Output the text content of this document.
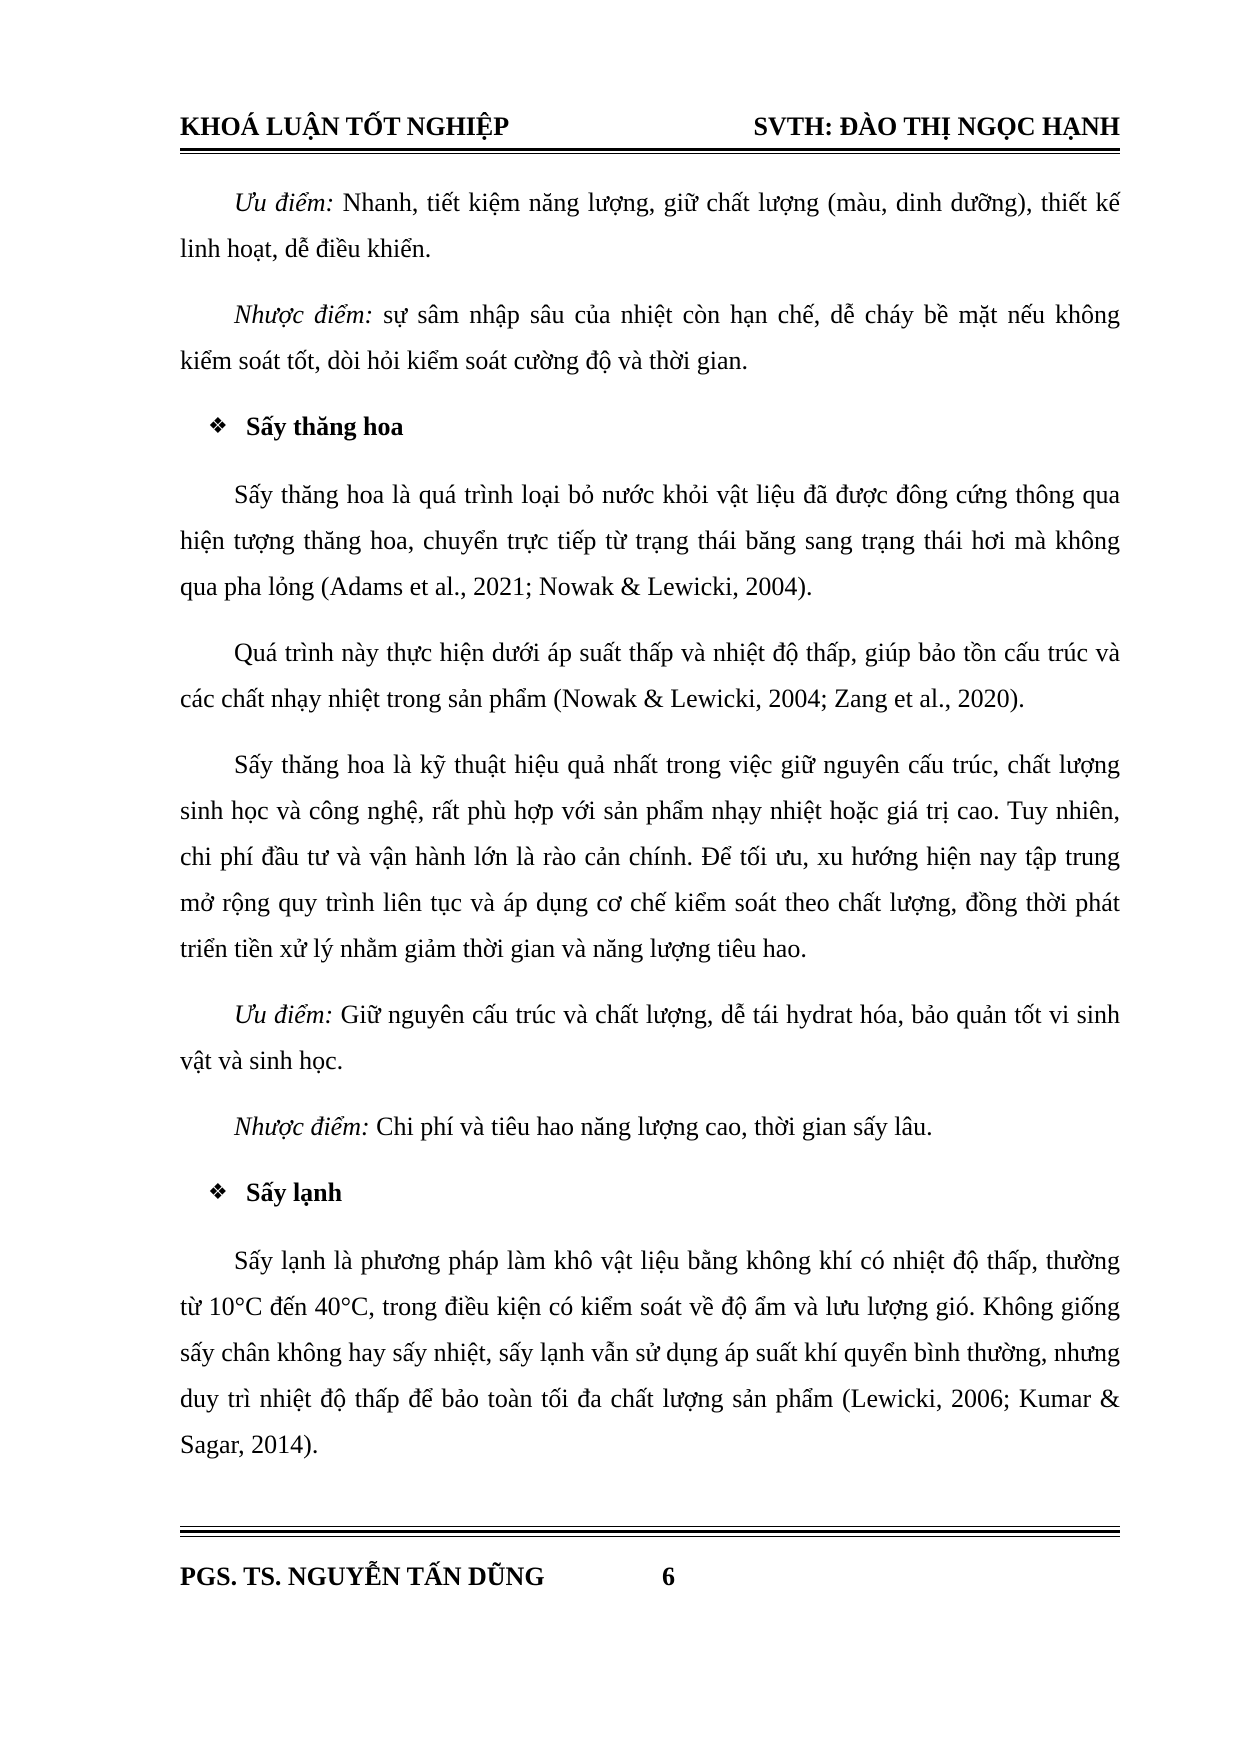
KHOÁ LUẬN TỐT NGHIỆP	SVTH: ĐÀO THỊ NGỌC HẠNH

Ưu điểm: Nhanh, tiết kiệm năng lượng, giữ chất lượng (màu, dinh dưỡng), thiết kế linh hoạt, dễ điều khiển.

Nhược điểm: sự sâm nhập sâu của nhiệt còn hạn chế, dễ cháy bề mặt nếu không kiểm soát tốt, dòi hỏi kiểm soát cường độ và thời gian.

❖ Sấy thăng hoa

Sấy thăng hoa là quá trình loại bỏ nước khỏi vật liệu đã được đông cứng thông qua hiện tượng thăng hoa, chuyển trực tiếp từ trạng thái băng sang trạng thái hơi mà không qua pha lỏng (Adams et al., 2021; Nowak & Lewicki, 2004).

Quá trình này thực hiện dưới áp suất thấp và nhiệt độ thấp, giúp bảo tồn cấu trúc và các chất nhạy nhiệt trong sản phẩm (Nowak & Lewicki, 2004; Zang et al., 2020).

Sấy thăng hoa là kỹ thuật hiệu quả nhất trong việc giữ nguyên cấu trúc, chất lượng sinh học và công nghệ, rất phù hợp với sản phẩm nhạy nhiệt hoặc giá trị cao. Tuy nhiên, chi phí đầu tư và vận hành lớn là rào cản chính. Để tối ưu, xu hướng hiện nay tập trung mở rộng quy trình liên tục và áp dụng cơ chế kiểm soát theo chất lượng, đồng thời phát triển tiền xử lý nhằm giảm thời gian và năng lượng tiêu hao.

Ưu điểm: Giữ nguyên cấu trúc và chất lượng, dễ tái hydrat hóa, bảo quản tốt vi sinh vật và sinh học.

Nhược điểm: Chi phí và tiêu hao năng lượng cao, thời gian sấy lâu.

❖ Sấy lạnh

Sấy lạnh là phương pháp làm khô vật liệu bằng không khí có nhiệt độ thấp, thường từ 10°C đến 40°C, trong điều kiện có kiểm soát về độ ẩm và lưu lượng gió. Không giống sấy chân không hay sấy nhiệt, sấy lạnh vẫn sử dụng áp suất khí quyển bình thường, nhưng duy trì nhiệt độ thấp để bảo toàn tối đa chất lượng sản phẩm (Lewicki, 2006; Kumar & Sagar, 2014).

PGS. TS. NGUYỄN TẤN DŨNG	6
